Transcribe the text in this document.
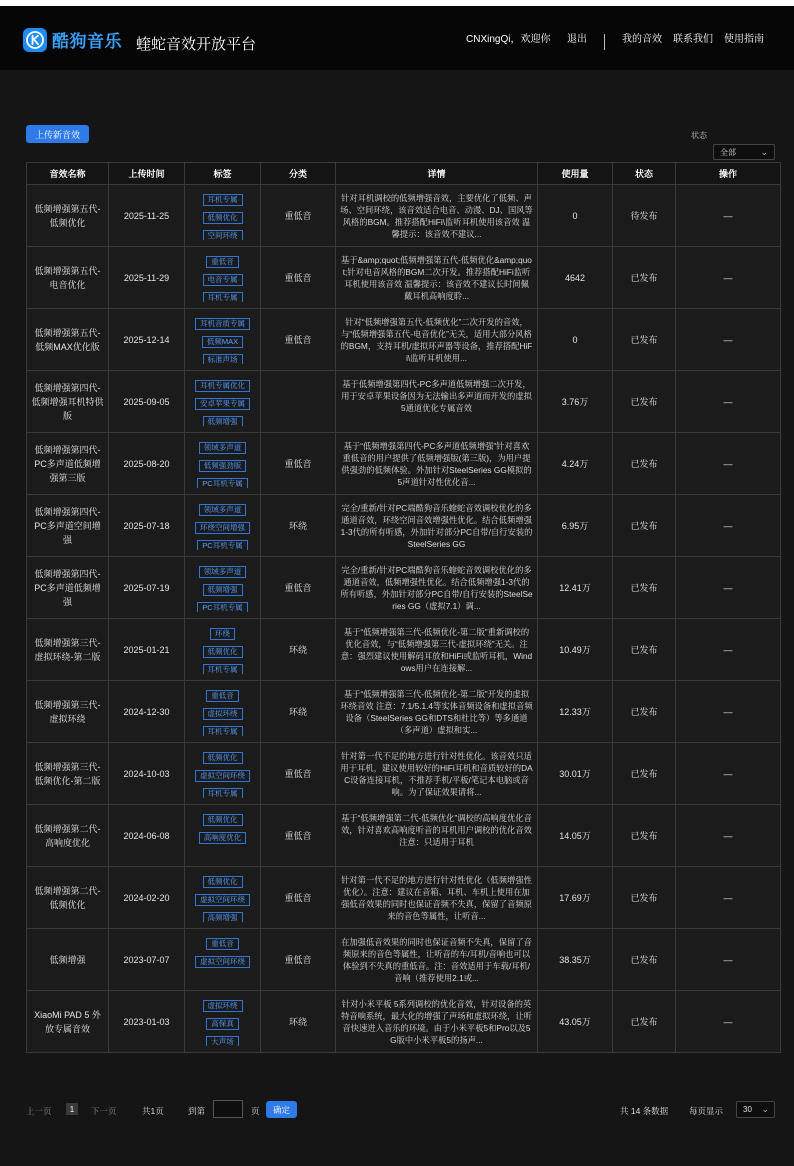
酷狗音乐 蝰蛇音效开放平台	CNXingQi，欢迎你 退出	我的音效 联系我们 使用指南
上传新音效	状态
全部	⌄
音效名称	上传时间	标签	分类	详情	使用量	状态	操作
低频增强第五代-低频优化	2025-11-25	耳机专属
低频优化
空间环绕	重低音	针对耳机调校的低频增强音效，主要优化了低频、声场、空间环绕，该音效适合电音、动漫、DJ、国风等风格的BGM。推荐搭配HiFi\监听耳机使用该音效 温馨提示：该音效不建议...	0	待发布	—
低频增强第五代-电音优化	2025-11-29	重低音
电音专属
耳机专属	重低音	基于&amp;quot;低频增强第五代-低频优化&amp;quot;针对电音风格的BGM二次开发。推荐搭配HiFi监听耳机使用该音效 温馨提示：该音效不建议长时间佩戴耳机高响度聆...	4642	已发布	—
低频增强第五代-低频MAX优化版	2025-12-14	耳机音质专属
低频MAX
标准声场	重低音	针对“低频增强第五代-低频优化”二次开发的音效，与“低频增强第五代-电音优化”无关，适用大部分风格的BGM，支持耳机/虚拟环声器等设备，推荐搭配HiFi\监听耳机使用...	0	已发布	—
低频增强第四代-低频增强耳机特供版	2025-09-05	耳机专属优化
安卓苹果专属
低频增强		基于低频增强第四代-PC多声道低频增强二次开发，用于安卓苹果设备因为无法输出多声道而开发的虚拟5通道优化专属音效	3.76万	已发布	—
低频增强第四代-PC多声道低频增强第三版	2025-08-20	领域多声道
低频强劲版
PC耳机专属	重低音	基于“低频增强第四代-PC多声道低频增强”针对喜欢重低音的用户提供了低频增强版(第三版)，为用户提供强劲的低频体验。外加针对SteelSeries GG模拟的5声道针对性优化音...	4.24万	已发布	—
低频增强第四代-PC多声道空间增强	2025-07-18	领域多声道
环绕空间增强
PC耳机专属	环绕	完全/重新/针对PC端酷狗音乐蝰蛇音效调校优化的多通道音效，环绕空间音效增强性优化。结合低频增强1-3代的所有听感，外加针对部分PC自带/自行安装的SteelSeries GG	6.95万	已发布	—
低频增强第四代-PC多声道低频增强	2025-07-19	领域多声道
低频增强
PC耳机专属	重低音	完全/重新/针对PC端酷狗音乐蝰蛇音效调校优化的多通道音效，低频增强性优化。结合低频增强1-3代的所有听感，外加针对部分PC自带/自行安装的SteelSeries GG（虚拟7.1）调...	12.41万	已发布	—
低频增强第三代-虚拟环绕-第二版	2025-01-21	环绕
低频优化
耳机专属	环绕	基于“低频增强第三代-低频优化-第二版”重新调校的优化音效，与“低频增强第三代-虚拟环绕”无关。注意：强烈建议使用解码耳放和HiFi或监听耳机，Windows用户在连接解...	10.49万	已发布	—
低频增强第三代-虚拟环绕	2024-12-30	重低音
虚拟环绕
耳机专属	环绕	基于“低频增强第三代-低频优化-第二版”开发的虚拟环绕音效 注意：7.1/5.1.4等实体音频设备和虚拟音频设备（SteelSeries GG和DTS和杜比等）等多通道（多声道）虚拟和实...	12.33万	已发布	—
低频增强第三代-低频优化-第二版	2024-10-03	低频优化
虚拟空间环绕
耳机专属	重低音	针对第一代不足的地方进行针对性优化。该音效只适用于耳机，建议使用较好的HiFi耳机和音质较好的DAC设备连接耳机，不推荐手机/平板/笔记本电脑或音响。为了保证效果请将...	30.01万	已发布	—
低频增强第二代-高响度优化	2024-06-08	低频优化
高响度优化	重低音	基于“低频增强第二代-低频优化”调校的高响度优化音效，针对喜欢高响度听音的耳机用户调校的优化音效 注意：只适用于耳机	14.05万	已发布	—
低频增强第二代-低频优化	2024-02-20	低频优化
虚拟空间环绕
高频增强	重低音	针对第一代不足的地方进行针对性优化（低频增强性优化）。注意：建议在音箱、耳机、车机上使用在加强低音效果的同时也保证音频不失真，保留了音频原来的音色等属性，让听音...	17.69万	已发布	—
低频增强	2023-07-07	重低音
虚拟空间环绕	重低音	在加强低音效果的同时也保证音频不失真，保留了音频原来的音色等属性，让听音的车/耳机/音响也可以体验到不失真的重低音。注：音效适用于车载/耳机/音响（推荐使用2.1或...	38.35万	已发布	—
XiaoMi PAD 5 外放专属音效	2023-01-03	虚拟环绕
高保真
大声场	环绕	针对小米平板 5系列调校的优化音效，针对设备的英特音响系统，最大化的增强了声场和虚拟环绕，让听音快速进入音乐的环境。由于小米平板5和Pro以及5G版中小米平板5的扬声...	43.05万	已发布	—
上一页	1	下一页	共1页	到第	页	确定	共 14 条数据 每页显示 30 ⌄
